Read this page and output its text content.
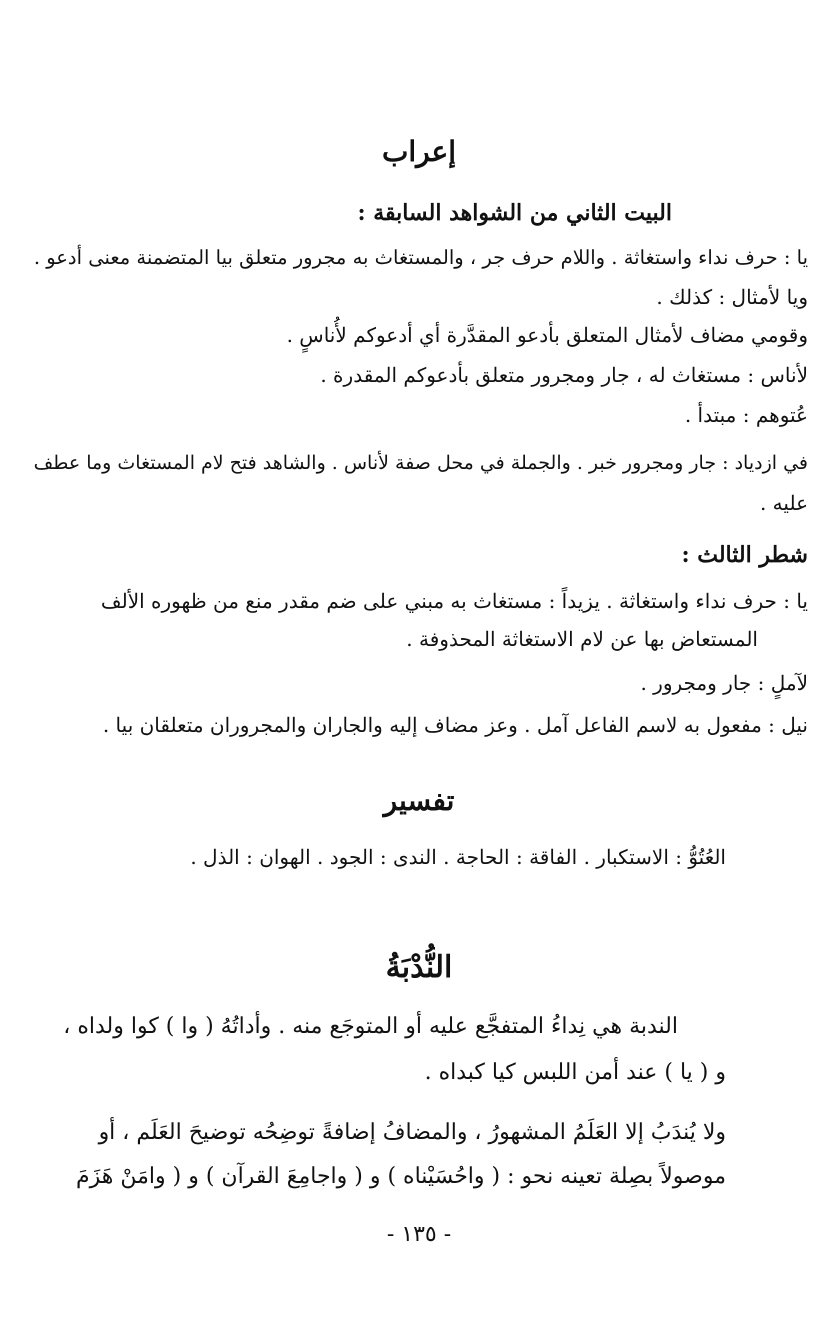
إعراب
البيت الثاني من الشواهد السابقة :
يا : حرف نداء واستغاثة . واللام حرف جر ، والمستغاث به مجرور متعلق بيا المتضمنة معنى أدعو .
ويا لأمثال : كذلك .
وقومي مضاف لأمثال المتعلق بأدعو المقدَّرة أي أدعوكم لأُناسٍ .
لأناس : مستغاث له ، جار ومجرور متعلق بأدعوكم المقدرة .
عُتوهم : مبتدأ .
في ازدياد : جار ومجرور خبر . والجملة في محل صفة لأناس . والشاهد فتح لام المستغاث وما عطف
عليه .
شطر الثالث :
يا : حرف نداء واستغاثة . يزيداً : مستغاث به مبني على ضم مقدر منع من ظهوره الألف
المستعاض بها عن لام الاستغاثة المحذوفة .
لآملٍ : جار ومجرور .
نيل : مفعول به لاسم الفاعل آمل . وعز مضاف إليه والجاران والمجروران متعلقان بيا .
تفسير
العُتُوُّ : الاستكبار . الفاقة : الحاجة . الندى : الجود . الهوان : الذل .
النُّدْبَةُ
الندبة هي نِداءُ المتفجَّع عليه أو المتوجَع منه . وأداتُهُ ( وا ) كوا ولداه ،
و ( يا ) عند أمن اللبس كيا كبداه .
ولا يُندَبُ إلا العَلَمُ المشهورُ ، والمضافُ إضافةً توضِحُه توضيحَ العَلَم ، أو
موصولاً بصِلة تعينه نحو : ( واحُسَيْناه ) و ( واجامِعَ القرآن ) و ( وامَنْ هَزَمَ
- ١٣٥ -
